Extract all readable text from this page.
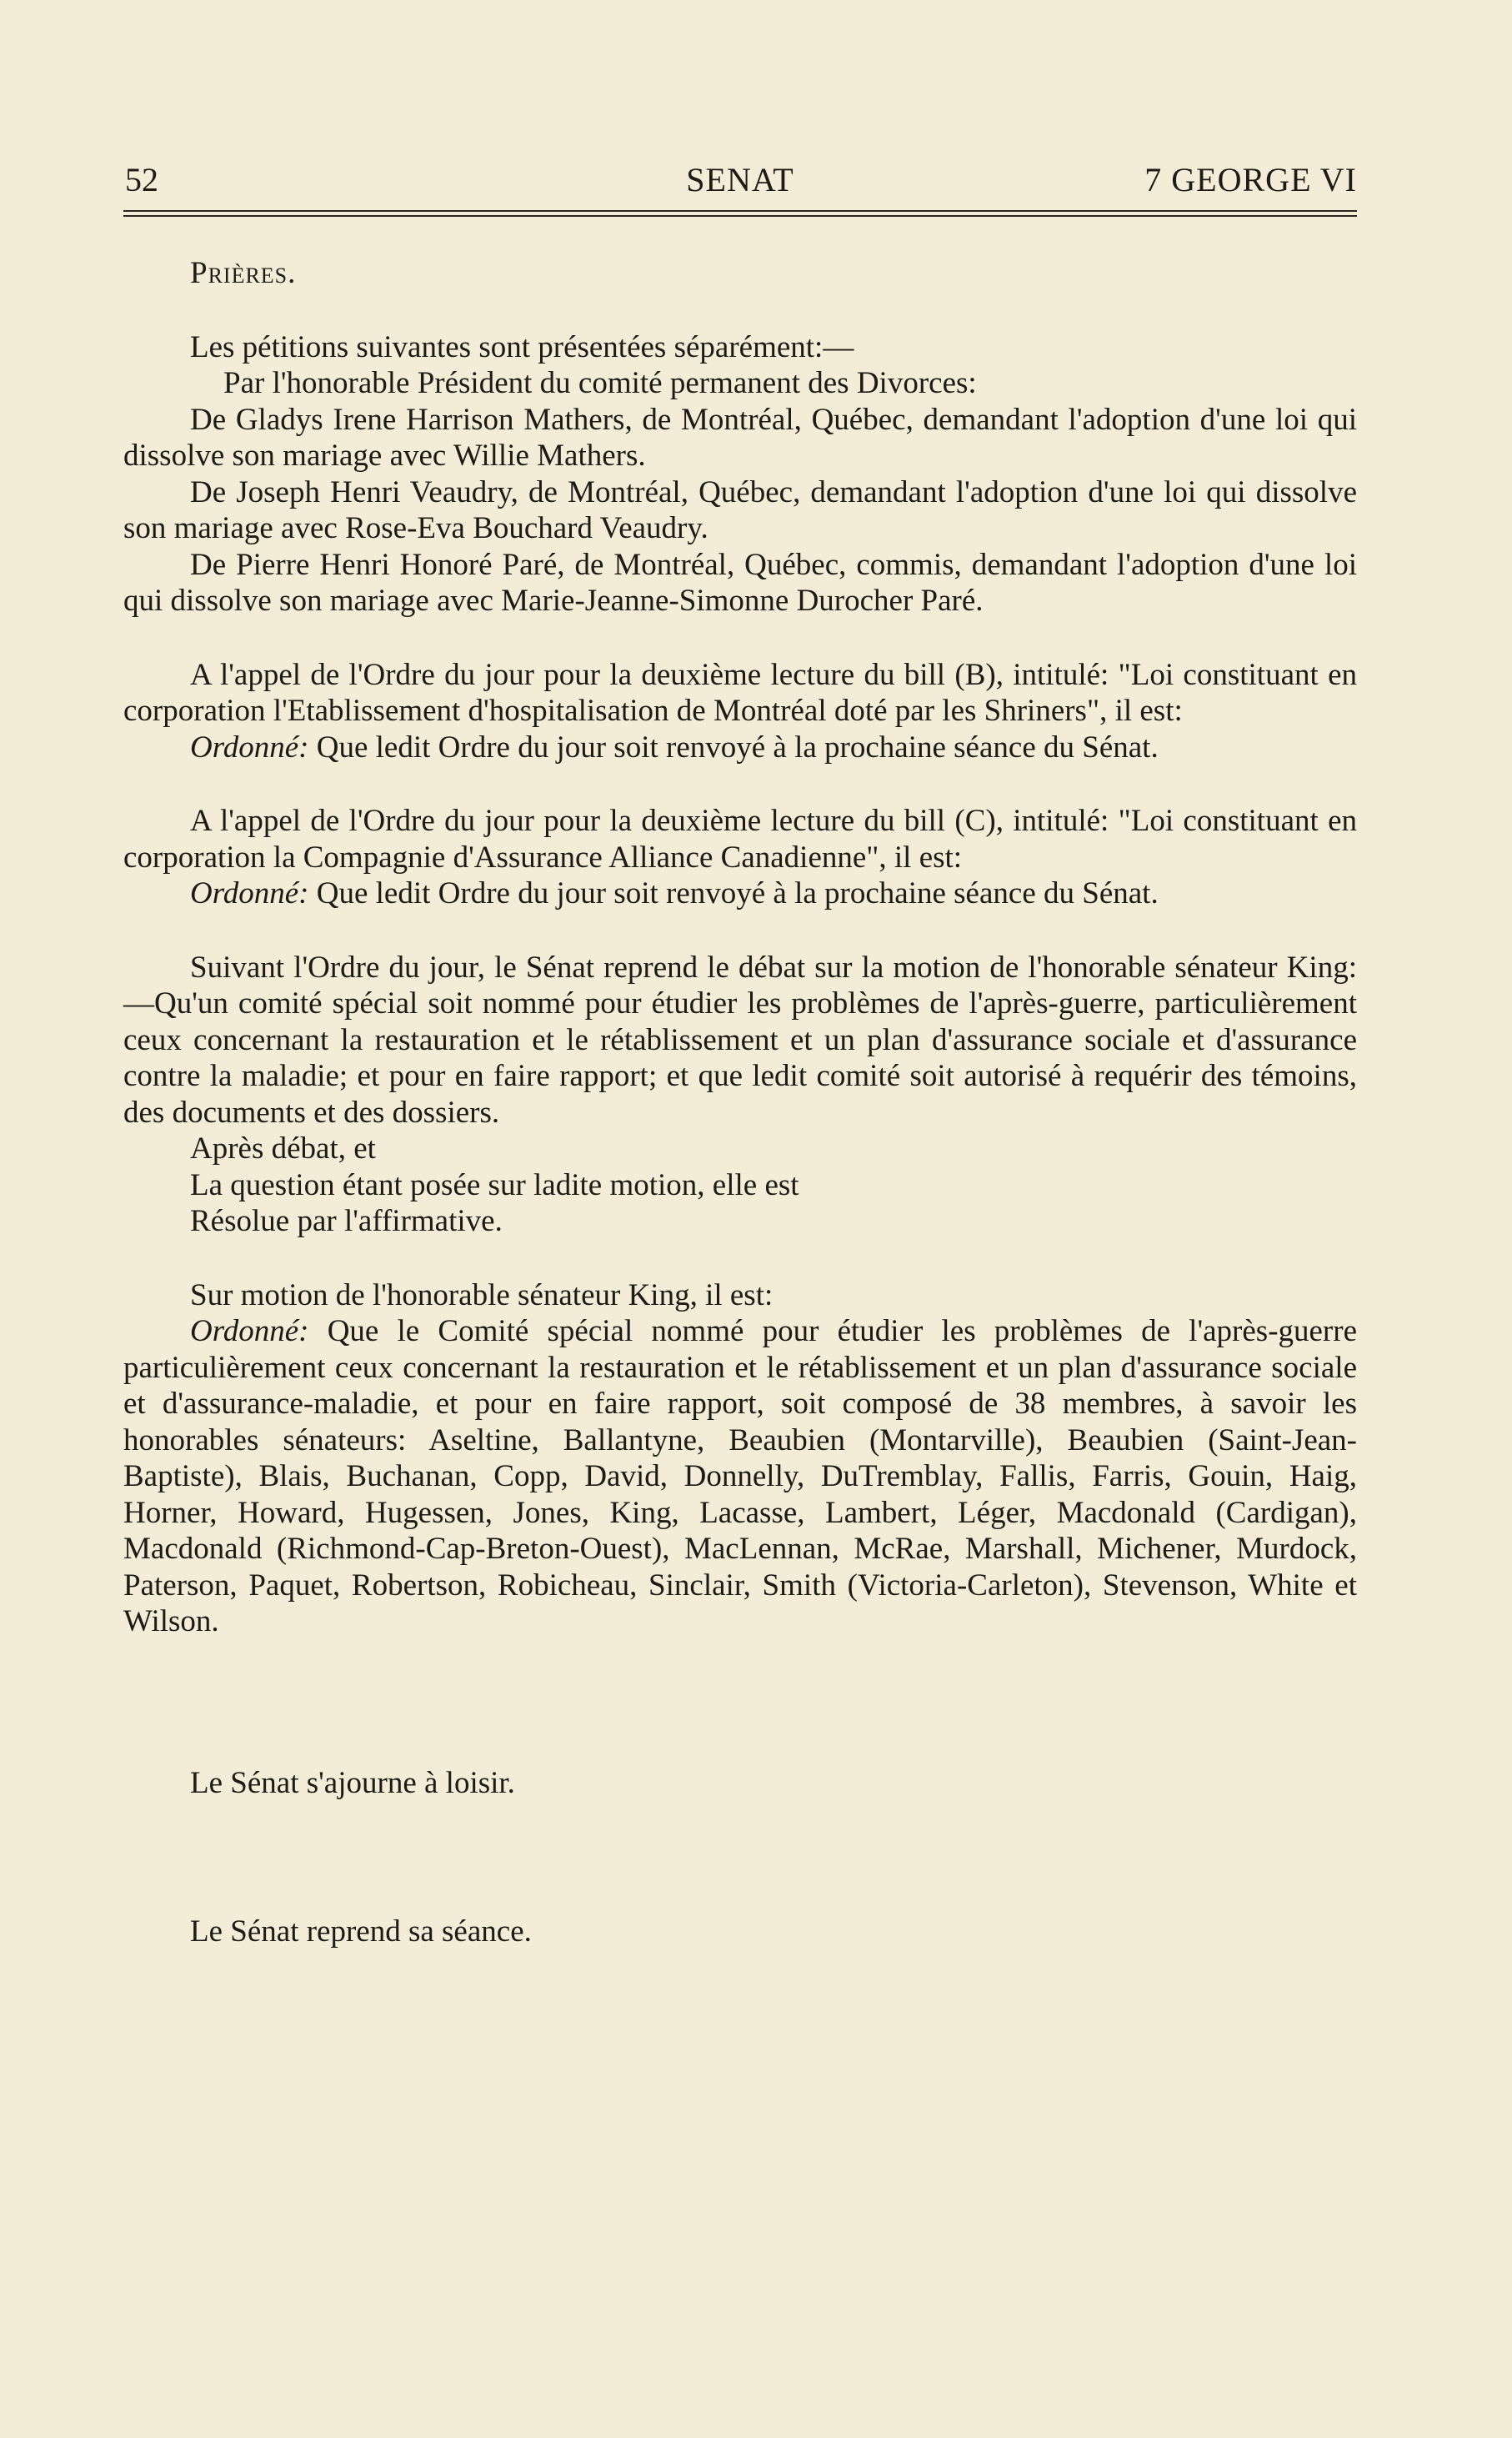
52	SENAT	7 GEORGE VI

Prières.

Les pétitions suivantes sont présentées séparément:—

Par l'honorable Président du comité permanent des Divorces:

De Gladys Irene Harrison Mathers, de Montréal, Québec, demandant l'adoption d'une loi qui dissolve son mariage avec Willie Mathers.

De Joseph Henri Veaudry, de Montréal, Québec, demandant l'adoption d'une loi qui dissolve son mariage avec Rose-Eva Bouchard Veaudry.

De Pierre Henri Honoré Paré, de Montréal, Québec, commis, demandant l'adoption d'une loi qui dissolve son mariage avec Marie-Jeanne-Simonne Durocher Paré.

A l'appel de l'Ordre du jour pour la deuxième lecture du bill (B), intitulé: "Loi constituant en corporation l'Etablissement d'hospitalisation de Montréal doté par les Shriners", il est:

Ordonné: Que ledit Ordre du jour soit renvoyé à la prochaine séance du Sénat.

A l'appel de l'Ordre du jour pour la deuxième lecture du bill (C), intitulé: "Loi constituant en corporation la Compagnie d'Assurance Alliance Canadienne", il est:

Ordonné: Que ledit Ordre du jour soit renvoyé à la prochaine séance du Sénat.

Suivant l'Ordre du jour, le Sénat reprend le débat sur la motion de l'honorable sénateur King:—Qu'un comité spécial soit nommé pour étudier les problèmes de l'après-guerre, particulièrement ceux concernant la restauration et le rétablissement et un plan d'assurance sociale et d'assurance contre la maladie; et pour en faire rapport; et que ledit comité soit autorisé à requérir des témoins, des documents et des dossiers.

Après débat, et

La question étant posée sur ladite motion, elle est

Résolue par l'affirmative.

Sur motion de l'honorable sénateur King, il est:

Ordonné: Que le Comité spécial nommé pour étudier les problèmes de l'après-guerre particulièrement ceux concernant la restauration et le rétablissement et un plan d'assurance sociale et d'assurance-maladie, et pour en faire rapport, soit composé de 38 membres, à savoir les honorables sénateurs: Aseltine, Ballantyne, Beaubien (Montarville), Beaubien (Saint-Jean-Baptiste), Blais, Buchanan, Copp, David, Donnelly, DuTremblay, Fallis, Farris, Gouin, Haig, Horner, Howard, Hugessen, Jones, King, Lacasse, Lambert, Léger, Macdonald (Cardigan), Macdonald (Richmond-Cap-Breton-Ouest), MacLennan, McRae, Marshall, Michener, Murdock, Paterson, Paquet, Robertson, Robicheau, Sinclair, Smith (Victoria-Carleton), Stevenson, White et Wilson.

Le Sénat s'ajourne à loisir.

Le Sénat reprend sa séance.
